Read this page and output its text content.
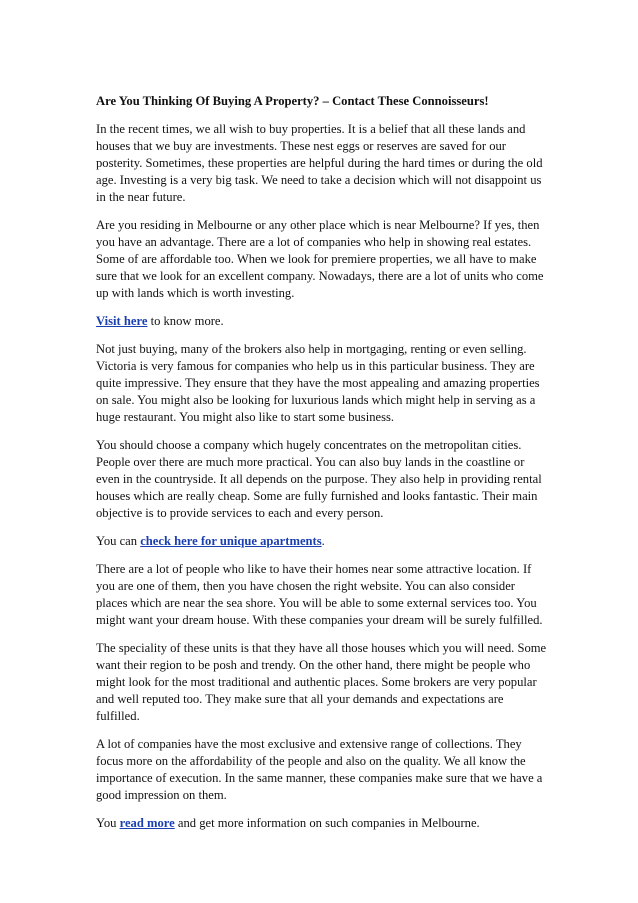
Are You Thinking Of Buying A Property? – Contact These Connoisseurs!

In the recent times, we all wish to buy properties. It is a belief that all these lands and houses that we buy are investments. These nest eggs or reserves are saved for our posterity. Sometimes, these properties are helpful during the hard times or during the old age. Investing is a very big task. We need to take a decision which will not disappoint us in the near future.

Are you residing in Melbourne or any other place which is near Melbourne? If yes, then you have an advantage. There are a lot of companies who help in showing real estates. Some of are affordable too. When we look for premiere properties, we all have to make sure that we look for an excellent company. Nowadays, there are a lot of units who come up with lands which is worth investing.

Visit here to know more.

Not just buying, many of the brokers also help in mortgaging, renting or even selling. Victoria is very famous for companies who help us in this particular business. They are quite impressive. They ensure that they have the most appealing and amazing properties on sale. You might also be looking for luxurious lands which might help in serving as a huge restaurant. You might also like to start some business.

You should choose a company which hugely concentrates on the metropolitan cities. People over there are much more practical. You can also buy lands in the coastline or even in the countryside. It all depends on the purpose. They also help in providing rental houses which are really cheap. Some are fully furnished and looks fantastic. Their main objective is to provide services to each and every person.

You can check here for unique apartments.

There are a lot of people who like to have their homes near some attractive location. If you are one of them, then you have chosen the right website. You can also consider places which are near the sea shore. You will be able to some external services too. You might want your dream house. With these companies your dream will be surely fulfilled.

The speciality of these units is that they have all those houses which you will need. Some want their region to be posh and trendy. On the other hand, there might be people who might look for the most traditional and authentic places. Some brokers are very popular and well reputed too. They make sure that all your demands and expectations are fulfilled.

A lot of companies have the most exclusive and extensive range of collections. They focus more on the affordability of the people and also on the quality. We all know the importance of execution. In the same manner, these companies make sure that we have a good impression on them.

You read more and get more information on such companies in Melbourne.
